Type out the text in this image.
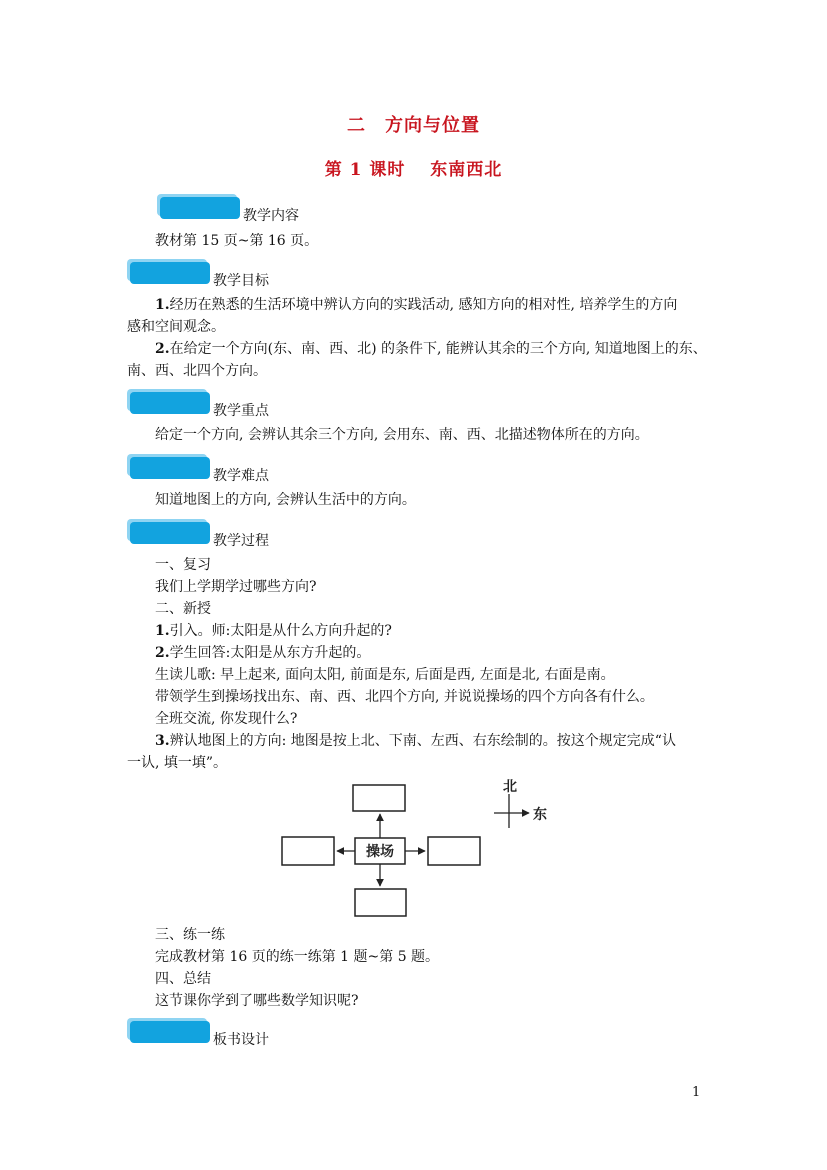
二　方向与位置
第 1 课时　 东南西北
教学内容
教材第 15 页~第 16 页。
教学目标
1.经历在熟悉的生活环境中辨认方向的实践活动, 感知方向的相对性, 培养学生的方向
感和空间观念。
2.在给定一个方向(东、南、西、北) 的条件下, 能辨认其余的三个方向, 知道地图上的东、
南、西、北四个方向。
教学重点
给定一个方向, 会辨认其余三个方向, 会用东、南、西、北描述物体所在的方向。
教学难点
知道地图上的方向, 会辨认生活中的方向。
教学过程
一、复习
我们上学期学过哪些方向?
二、新授
1.引入。师:太阳是从什么方向升起的?
2.学生回答:太阳是从东方升起的。
生读儿歌: 早上起来, 面向太阳, 前面是东, 后面是西, 左面是北, 右面是南。
带领学生到操场找出东、南、西、北四个方向, 并说说操场的四个方向各有什么。
全班交流, 你发现什么?
3.辨认地图上的方向: 地图是按上北、下南、左西、右东绘制的。按这个规定完成“认
一认, 填一填”。
操场
北
东
三、练一练
完成教材第 16 页的练一练第 1 题~第 5 题。
四、总结
这节课你学到了哪些数学知识呢?
板书设计
1
